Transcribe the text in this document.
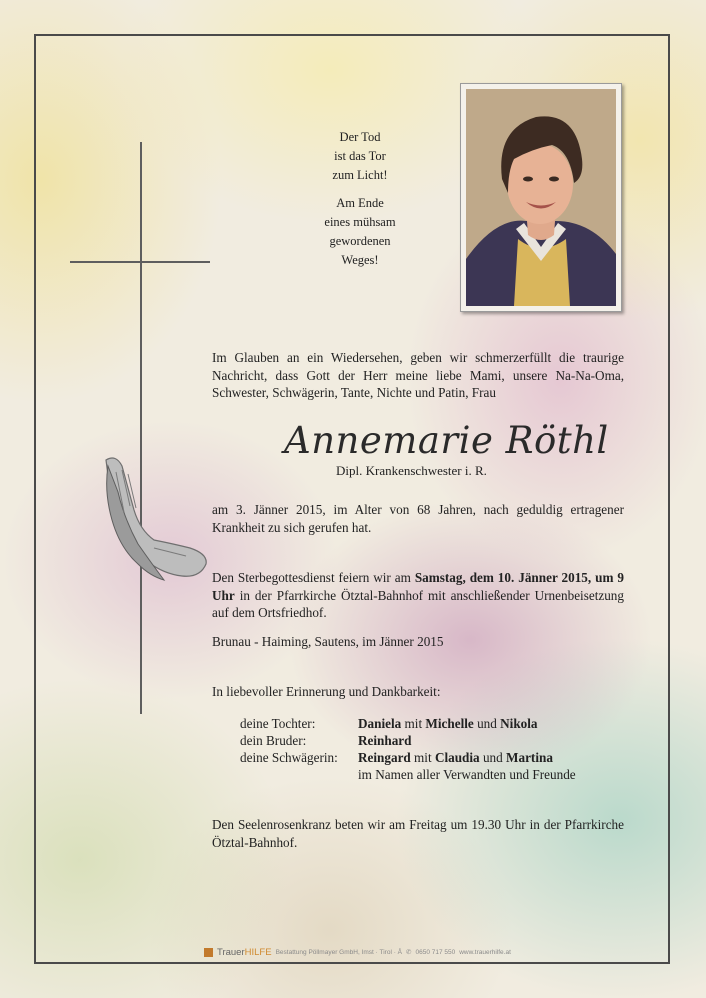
Der Tod
ist das Tor
zum Licht!
Am Ende
eines mühsam
gewordenen
Weges!
Im Glauben an ein Wiedersehen, geben wir schmerzerfüllt die traurige Nachricht, dass Gott der Herr meine liebe Mami, unsere Na-Na-Oma, Schwester, Schwägerin, Tante, Nichte und Patin, Frau
Annemarie Röthl
Dipl. Krankenschwester i. R.
am 3. Jänner 2015, im Alter von 68 Jahren, nach geduldig ertragener Krankheit zu sich gerufen hat.
Den Sterbegottesdienst feiern wir am Samstag, dem 10. Jänner 2015, um 9 Uhr in der Pfarrkirche Ötztal-Bahnhof mit anschließender Urnenbeisetzung auf dem Ortsfriedhof.
Brunau - Haiming, Sautens, im Jänner 2015
In liebevoller Erinnerung und Dankbarkeit:
deine Tochter:	Daniela mit Michelle und Nikola
dein Bruder:	Reinhard
deine Schwägerin: Reingard mit Claudia und Martina
im Namen aller Verwandten und Freunde
Den Seelenrosenkranz beten wir am Freitag um 19.30 Uhr in der Pfarrkirche Ötztal-Bahnhof.
TrauerHILFE Bestattung Pöllmayer GmbH, Imst · Tirol · Å ✆ 0650 717 550 www.trauerhilfe.at
